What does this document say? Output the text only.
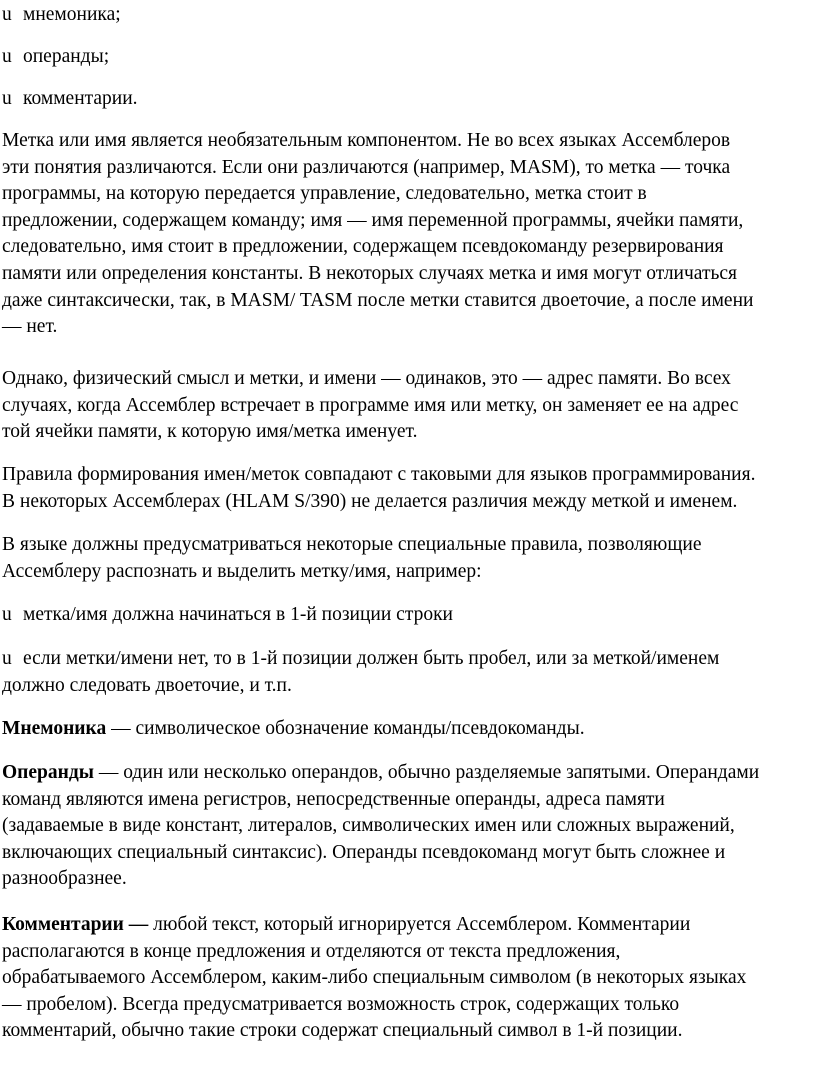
u мнемоника;

u операнды;

u комментарии.

Метка или имя является необязательным компонентом. Не во всех языках Ассемблеров
эти понятия различаются. Если они различаются (например, MASM), то метка — точка
программы, на которую передается управление, следовательно, метка стоит в
предложении, содержащем команду; имя — имя переменной программы, ячейки памяти,
следовательно, имя стоит в предложении, содержащем псевдокоманду резервирования
памяти или определения константы. В некоторых случаях метка и имя могут отличаться
даже синтаксически, так, в MASM/ TASM после метки ставится двоеточие, а после имени
— нет.

Однако, физический смысл и метки, и имени — одинаков, это — адрес памяти. Во всех
случаях, когда Ассемблер встречает в программе имя или метку, он заменяет ее на адрес
той ячейки памяти, к которую имя/метка именует.

Правила формирования имен/меток совпадают с таковыми для языков программирования.
В некоторых Ассемблерах (HLAM S/390) не делается различия между меткой и именем.

В языке должны предусматриваться некоторые специальные правила, позволяющие
Ассемблеру распознать и выделить метку/имя, например:

u метка/имя должна начинаться в 1-й позиции строки

u если метки/имени нет, то в 1-й позиции должен быть пробел, или за меткой/именем
должно следовать двоеточие, и т.п.

Мнемоника — символическое обозначение команды/псевдокоманды.

Операнды — один или несколько операндов, обычно разделяемые запятыми. Операндами
команд являются имена регистров, непосредственные операнды, адреса памяти
(задаваемые в виде констант, литералов, символических имен или сложных выражений,
включающих специальный синтаксис). Операнды псевдокоманд могут быть сложнее и
разнообразнее.

Комментарии — любой текст, который игнорируется Ассемблером. Комментарии
располагаются в конце предложения и отделяются от текста предложения,
обрабатываемого Ассемблером, каким-либо специальным символом (в некоторых языках
— пробелом). Всегда предусматривается возможность строк, содержащих только
комментарий, обычно такие строки содержат специальный символ в 1-й позиции.
